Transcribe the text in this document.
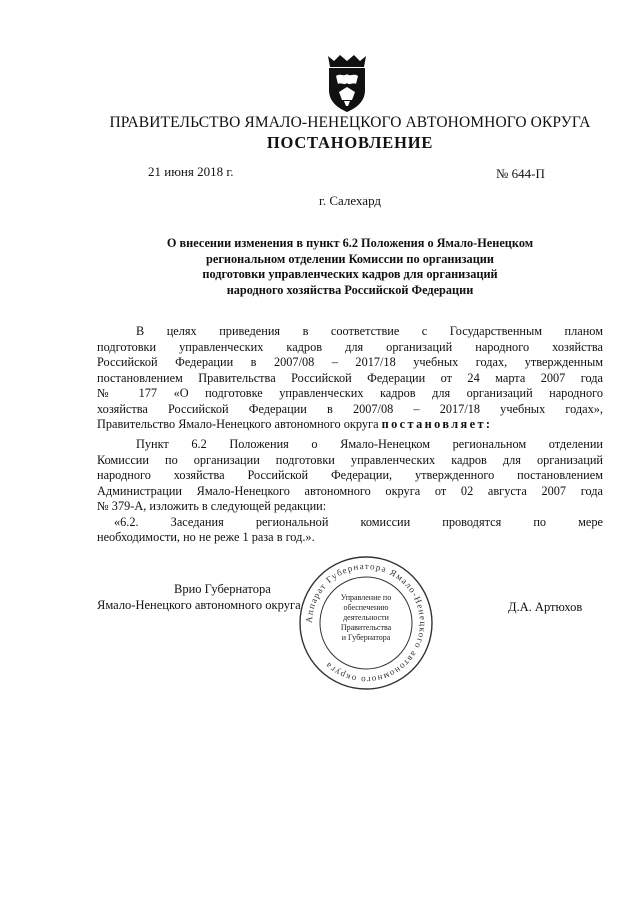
ПРАВИТЕЛЬСТВО ЯМАЛО-НЕНЕЦКОГО АВТОНОМНОГО ОКРУГА
ПОСТАНОВЛЕНИЕ
21 июня 2018 г.	№ 644-П
г. Салехард
О внесении изменения в пункт 6.2 Положения о Ямало-Ненецком
региональном отделении Комиссии по организации
подготовки управленческих кадров для организаций
народного хозяйства Российской Федерации
В целях приведения в соответствие с Государственным планом
подготовки управленческих кадров для организаций народного хозяйства
Российской Федерации в 2007/08 – 2017/18 учебных годах, утвержденным
постановлением Правительства Российской Федерации от 24 марта 2007 года
№ 177 «О подготовке управленческих кадров для организаций народного
хозяйства Российской Федерации в 2007/08 – 2017/18 учебных годах»,
Правительство Ямало-Ненецкого автономного округа постановляет:
Пункт 6.2 Положения о Ямало-Ненецком региональном отделении
Комиссии по организации подготовки управленческих кадров для организаций
народного хозяйства Российской Федерации, утвержденного постановлением
Администрации Ямало-Ненецкого автономного округа от 02 августа 2007 года
№ 379-А, изложить в следующей редакции:
«6.2. Заседания региональной комиссии проводятся по мере
необходимости, но не реже 1 раза в год.».
Врио Губернатора
Ямало-Ненецкого автономного округа	Д.А. Артюхов
Аппарат Губернатора Ямало-Ненецкого автономного округа
Управление по
обеспечению
деятельности
Правительства
и Губернатора
